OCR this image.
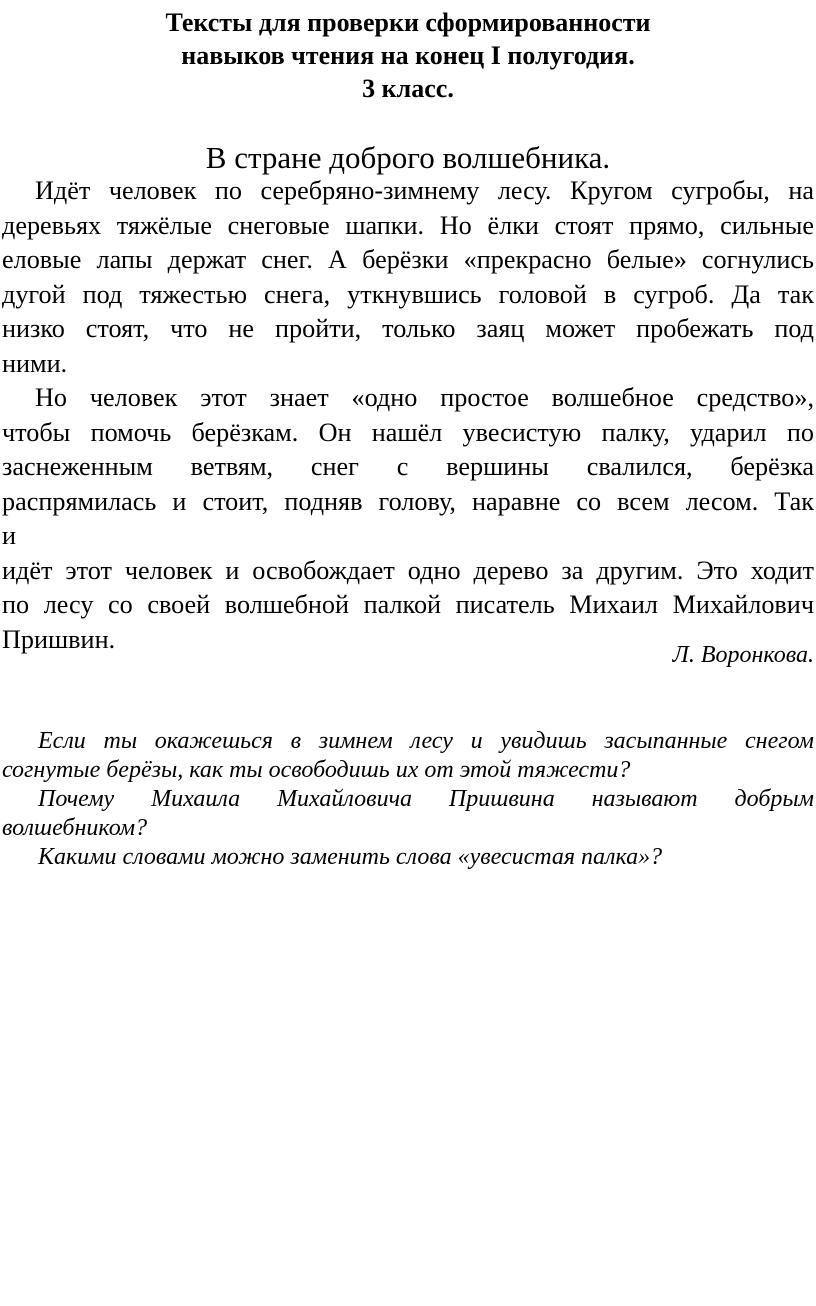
Тексты для проверки сформированности
навыков чтения на конец I полугодия.
3 класс.
В стране доброго волшебника.
Идёт человек по серебряно-зимнему лесу. Кругом сугробы, на
деревьях тяжёлые снеговые шапки. Но ёлки стоят прямо, сильные
еловые лапы держат снег. А берёзки «прекрасно белые» согнулись
дугой под тяжестью снега, уткнувшись головой в сугроб. Да так
низко стоят, что не пройти, только заяц может пробежать под
ними.
Но человек этот знает «одно простое волшебное средство»,
чтобы помочь берёзкам. Он нашёл увесистую палку, ударил по
заснеженным ветвям, снег с вершины свалился, берёзка
распрямилась и стоит, подняв голову, наравне со всем лесом. Так
и
идёт этот человек и освобождает одно дерево за другим. Это ходит
по лесу со своей волшебной палкой писатель Михаил Михайлович
Пришвин.
Л. Воронкова.
Если ты окажешься в зимнем лесу и увидишь засыпанные снегом
согнутые берёзы, как ты освободишь их от этой тяжести?
Почему Михаила Михайловича Пришвина называют добрым
волшебником?
Какими словами можно заменить слова «увесистая палка»?
